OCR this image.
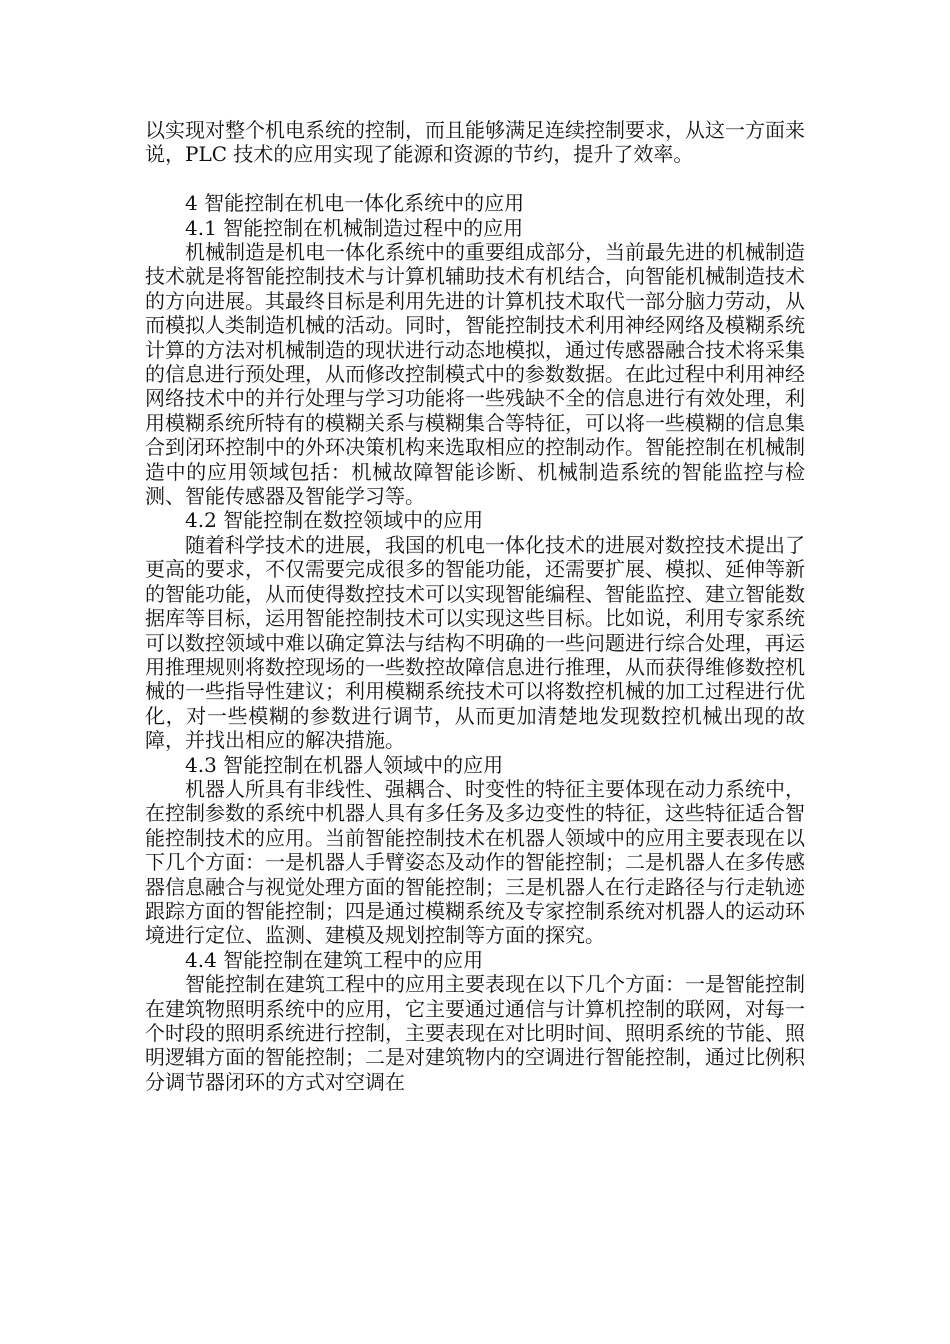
以实现对整个机电系统的控制，而且能够满足连续控制要求，从这一方面来说，PLC 技术的应用实现了能源和资源的节约，提升了效率。

4 智能控制在机电一体化系统中的应用

4.1 智能控制在机械制造过程中的应用

机械制造是机电一体化系统中的重要组成部分，当前最先进的机械制造技术就是将智能控制技术与计算机辅助技术有机结合，向智能机械制造技术的方向进展。其最终目标是利用先进的计算机技术取代一部分脑力劳动，从而模拟人类制造机械的活动。同时，智能控制技术利用神经网络及模糊系统计算的方法对机械制造的现状进行动态地模拟，通过传感器融合技术将采集的信息进行预处理，从而修改控制模式中的参数数据。在此过程中利用神经网络技术中的并行处理与学习功能将一些残缺不全的信息进行有效处理，利用模糊系统所特有的模糊关系与模糊集合等特征，可以将一些模糊的信息集合到闭环控制中的外环决策机构来选取相应的控制动作。智能控制在机械制造中的应用领域包括：机械故障智能诊断、机械制造系统的智能监控与检测、智能传感器及智能学习等。

4.2 智能控制在数控领域中的应用

随着科学技术的进展，我国的机电一体化技术的进展对数控技术提出了更高的要求，不仅需要完成很多的智能功能，还需要扩展、模拟、延伸等新的智能功能，从而使得数控技术可以实现智能编程、智能监控、建立智能数据库等目标，运用智能控制技术可以实现这些目标。比如说，利用专家系统可以数控领域中难以确定算法与结构不明确的一些问题进行综合处理，再运用推理规则将数控现场的一些数控故障信息进行推理，从而获得维修数控机械的一些指导性建议；利用模糊系统技术可以将数控机械的加工过程进行优化，对一些模糊的参数进行调节，从而更加清楚地发现数控机械出现的故障，并找出相应的解决措施。

4.3 智能控制在机器人领域中的应用

机器人所具有非线性、强耦合、时变性的特征主要体现在动力系统中，在控制参数的系统中机器人具有多任务及多边变性的特征，这些特征适合智能控制技术的应用。当前智能控制技术在机器人领域中的应用主要表现在以下几个方面：一是机器人手臂姿态及动作的智能控制；二是机器人在多传感器信息融合与视觉处理方面的智能控制；三是机器人在行走路径与行走轨迹跟踪方面的智能控制；四是通过模糊系统及专家控制系统对机器人的运动环境进行定位、监测、建模及规划控制等方面的探究。

4.4 智能控制在建筑工程中的应用

智能控制在建筑工程中的应用主要表现在以下几个方面：一是智能控制在建筑物照明系统中的应用，它主要通过通信与计算机控制的联网，对每一个时段的照明系统进行控制，主要表现在对比明时间、照明系统的节能、照明逻辑方面的智能控制；二是对建筑物内的空调进行智能控制，通过比例积分调节器闭环的方式对空调在
